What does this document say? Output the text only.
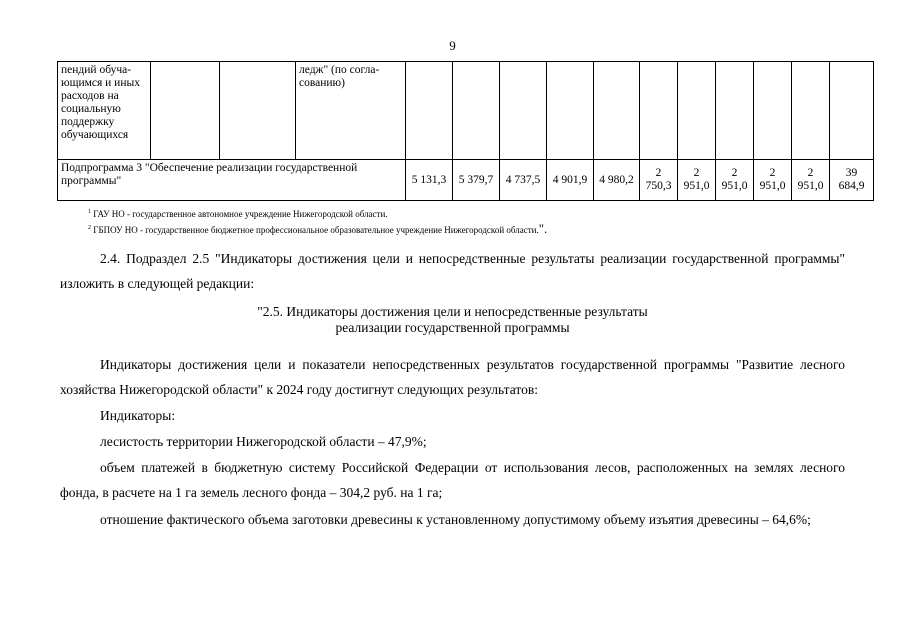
9
пендий обуча-ющимся и иных расходов на социальную поддержку обучающихся			ледж" (по согла-сованию)											
Подпрограмма 3 "Обеспечение реализации государственной программы"				5 131,3	5 379,7	4 737,5	4 901,9	4 980,2	2 750,3	2 951,0	2 951,0	2 951,0	2 951,0	39 684,9
$^1$ ГАУ НО - государственное автономное учреждение Нижегородской области.
$^2$ ГБПОУ НО - государственное бюджетное профессиональное образовательное учреждение Нижегородской области.".
2.4. Подраздел 2.5 "Индикаторы достижения цели и непосредственные результаты реализации государственной программы" изложить в следующей редакции:
"2.5. Индикаторы достижения цели и непосредственные результаты
реализации государственной программы
Индикаторы достижения цели и показатели непосредственных результатов государственной программы "Развитие лесного хозяйства Нижегородской области" к 2024 году достигнут следующих результатов:
Индикаторы:
лесистость территории Нижегородской области – 47,9%;
объем платежей в бюджетную систему Российской Федерации от использования лесов, расположенных на землях лесного фонда, в расчете на 1 га земель лесного фонда – 304,2 руб. на 1 га;
отношение фактического объема заготовки древесины к установленному допустимому объему изъятия древесины – 64,6%;
